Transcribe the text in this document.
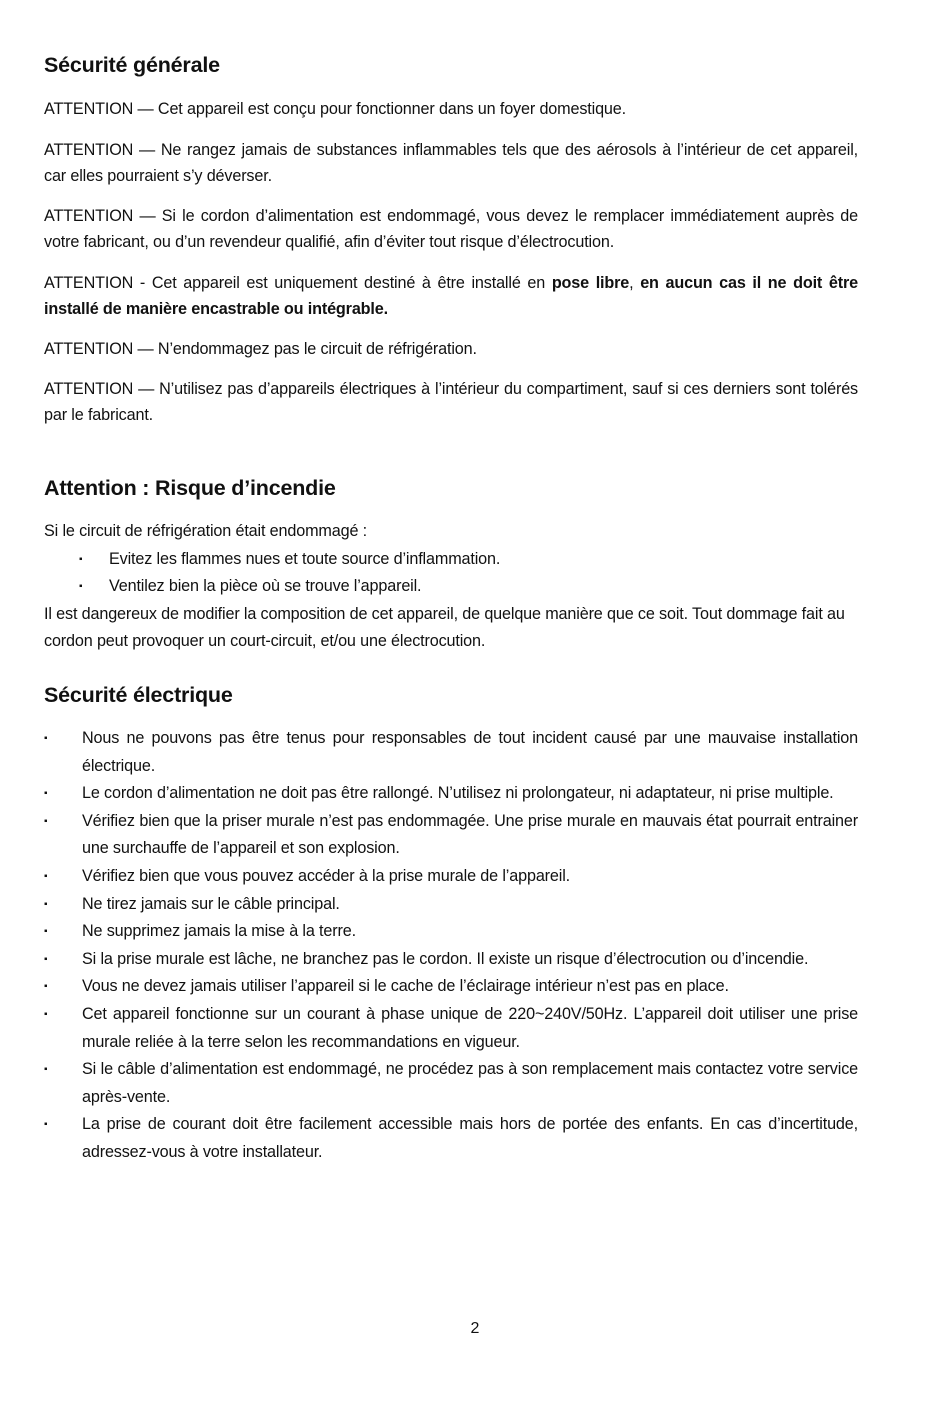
Sécurité générale

ATTENTION — Cet appareil est conçu pour fonctionner dans un foyer domestique.

ATTENTION — Ne rangez jamais de substances inflammables tels que des aérosols à l’intérieur de cet appareil, car elles pourraient s’y déverser.

ATTENTION — Si le cordon d’alimentation est endommagé, vous devez le remplacer immédiatement auprès de votre fabricant, ou d’un revendeur qualifié, afin d’éviter tout risque d’électrocution.

ATTENTION - Cet appareil est uniquement destiné à être installé en pose libre, en aucun cas il ne doit être installé de manière encastrable ou intégrable.

ATTENTION — N’endommagez pas le circuit de réfrigération.

ATTENTION — N’utilisez pas d’appareils électriques à l’intérieur du compartiment, sauf si ces derniers sont tolérés par le fabricant.

Attention : Risque d’incendie

Si le circuit de réfrigération était endommagé :

▪	Evitez les flammes nues et toute source d’inflammation.
▪	Ventilez bien la pièce où se trouve l’appareil.

Il est dangereux de modifier la composition de cet appareil, de quelque manière que ce soit. Tout dommage fait au cordon peut provoquer un court-circuit, et/ou une électrocution.

Sécurité électrique
▪	Nous ne pouvons pas être tenus pour responsables de tout incident causé par une mauvaise installation électrique.
▪	Le cordon d’alimentation ne doit pas être rallongé. N’utilisez ni prolongateur, ni adaptateur, ni prise multiple.
▪	Vérifiez bien que la priser murale n’est pas endommagée. Une prise murale en mauvais état pourrait entrainer une surchauffe de l’appareil et son explosion.
▪	Vérifiez bien que vous pouvez accéder à la prise murale de l’appareil.
▪	Ne tirez jamais sur le câble principal.
▪	Ne supprimez jamais la mise à la terre.
▪	Si la prise murale est lâche, ne branchez pas le cordon. Il existe un risque d’électrocution ou d’incendie.
▪	Vous ne devez jamais utiliser l’appareil si le cache de l’éclairage intérieur n’est pas en place.
▪	Cet appareil fonctionne sur un courant à phase unique de 220~240V/50Hz. L’appareil doit utiliser une prise murale reliée à la terre selon les recommandations en vigueur.
▪	Si le câble d’alimentation est endommagé, ne procédez pas à son remplacement mais contactez votre service après-vente.
▪	La prise de courant doit être facilement accessible mais hors de portée des enfants. En cas d’incertitude, adressez-vous à votre installateur.
2
